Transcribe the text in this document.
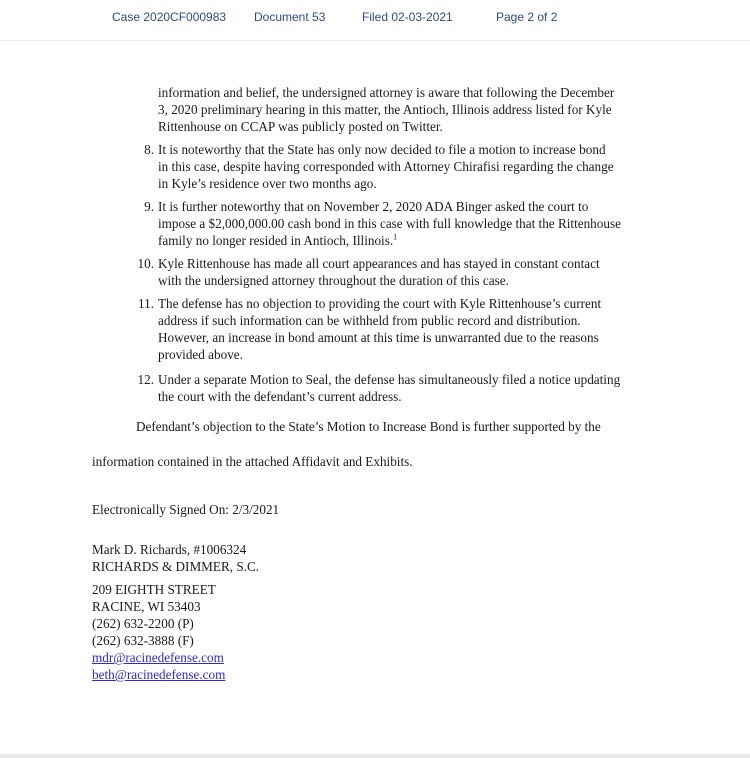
Case 2020CF000983 Document 53	Filed 02-03-2021	Page 2 of 2
information and belief, the undersigned attorney is aware that following the December
3, 2020 preliminary hearing in this matter, the Antioch, Illinois address listed for Kyle
Rittenhouse on CCAP was publicly posted on Twitter.
8. It is noteworthy that the State has only now decided to file a motion to increase bond
in this case, despite having corresponded with Attorney Chirafisi regarding the change
in Kyle’s residence over two months ago.
9. It is further noteworthy that on November 2, 2020 ADA Binger asked the court to
impose a $2,000,000.00 cash bond in this case with full knowledge that the Rittenhouse
family no longer resided in Antioch, Illinois.$^1$
10. Kyle Rittenhouse has made all court appearances and has stayed in constant contact
with the undersigned attorney throughout the duration of this case.
11. The defense has no objection to providing the court with Kyle Rittenhouse’s current
address if such information can be withheld from public record and distribution.
However, an increase in bond amount at this time is unwarranted due to the reasons
provided above.
12. Under a separate Motion to Seal, the defense has simultaneously filed a notice updating
the court with the defendant’s current address.
Defendant’s objection to the State’s Motion to Increase Bond is further supported by the
information contained in the attached Affidavit and Exhibits.
Electronically Signed On: 2/3/2021
Mark D. Richards, #1006324
RICHARDS & DIMMER, S.C.
209 EIGHTH STREET
RACINE, WI 53403
(262) 632-2200 (P)
(262) 632-3888 (F)
mdr@racinedefense.com
beth@racinedefense.com
